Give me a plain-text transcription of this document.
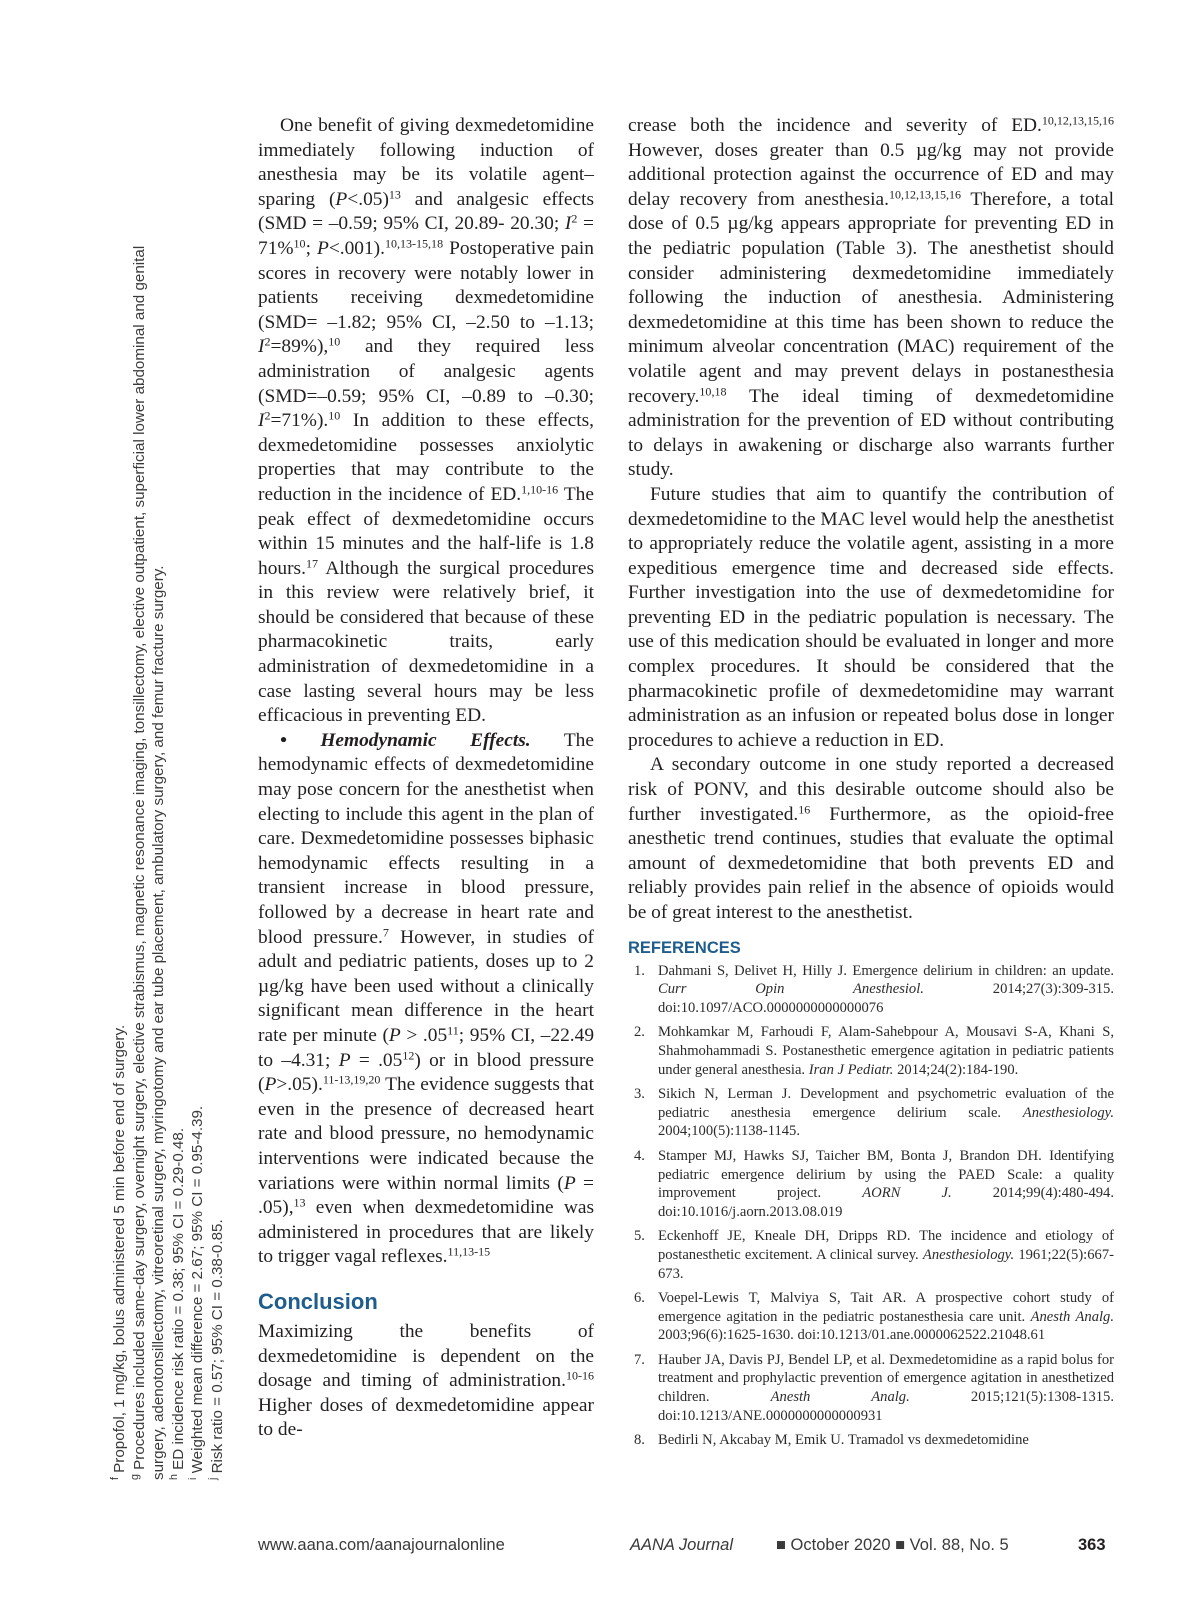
$^f$ Propofol, 1 mg/kg, bolus administered 5 min before end of surgery. $^g$ Procedures included same-day surgery, overnight surgery, elective strabismus, magnetic resonance imaging, tonsillectomy, elective outpatient, superficial lower abdominal and genital surgery, adenotonsillectomy, vitreoretinal surgery, myringotomy and ear tube placement, ambulatory surgery, and femur fracture surgery. $^h$ ED incidence risk ratio = 0.38; 95% CI = 0.29-0.48.
$^i$ Weighted mean difference = 2.67; 95% CI = 0.95-4.39.
$^j$ Risk ratio = 0.57; 95% CI = 0.38-0.85.

One benefit of giving dexmedetomidine immediately following induction of anesthesia may be its volatile agent–sparing (P<.05)$^{13}$ and analgesic effects (SMD = –0.59; 95% CI, 20.89- 20.30; $I^2 = 71\%^{10}$; P<.001).$^{10,13-15,18}$ Postoperative pain scores in recovery were notably lower in patients receiving dexmedetomidine (SMD= –1.82; 95% CI, –2.50 to –1.13; $I^2=89\%),^{10}$ and they required less administration of analgesic agents (SMD=–0.59; 95% CI, –0.89 to –0.30; $I^2=71\%).^{10}$ In addition to these effects, dexmedetomidine possesses anxiolytic properties that may contribute to the reduction in the incidence of ED.$^{1,10-16}$ The peak effect of dexmedetomidine occurs within 15 minutes and the half-life is 1.8 hours.$^{17}$ Although the surgical procedures in this review were relatively brief, it should be considered that because of these pharmacokinetic traits, early administration of dexmedetomidine in a case lasting several hours may be less efficacious in preventing ED.

• Hemodynamic Effects. The hemodynamic effects of dexmedetomidine may pose concern for the anesthetist when electing to include this agent in the plan of care. Dexmedetomidine possesses biphasic hemodynamic effects resulting in a transient increase in blood pressure, followed by a decrease in heart rate and blood pressure.$^7$ However, in studies of adult and pediatric patients, doses up to 2 µg/kg have been used without a clinically significant mean difference in the heart rate per minute ($P > .05^{11}$; 95% CI, –22.49 to –4.31; $P = .05^{12}$) or in blood pressure (P>.05).$^{11-13,19,20}$ The evidence suggests that even in the presence of decreased heart rate and blood pressure, no hemodynamic interventions were indicated because the variations were within normal limits (P = .05),$^{13}$ even when dexmedetomidine was administered in procedures that are likely to trigger vagal reflexes.$^{11,13-15}$

Conclusion

Maximizing the benefits of dexmedetomidine is dependent on the dosage and timing of administration.$^{10-16}$ Higher doses of dexmedetomidine appear to de-

crease both the incidence and severity of ED.$^{10,12,13,15,16}$ However, doses greater than 0.5 µg/kg may not provide additional protection against the occurrence of ED and may delay recovery from anesthesia.$^{10,12,13,15,16}$ Therefore, a total dose of 0.5 µg/kg appears appropriate for preventing ED in the pediatric population (Table 3). The anesthetist should consider administering dexmedetomidine immediately following the induction of anesthesia. Administering dexmedetomidine at this time has been shown to reduce the minimum alveolar concentration (MAC) requirement of the volatile agent and may prevent delays in postanesthesia recovery.$^{10,18}$ The ideal timing of dexmedetomidine administration for the prevention of ED without contributing to delays in awakening or discharge also warrants further study.

Future studies that aim to quantify the contribution of dexmedetomidine to the MAC level would help the anesthetist to appropriately reduce the volatile agent, assisting in a more expeditious emergence time and decreased side effects. Further investigation into the use of dexmedetomidine for preventing ED in the pediatric population is necessary. The use of this medication should be evaluated in longer and more complex procedures. It should be considered that the pharmacokinetic profile of dexmedetomidine may warrant administration as an infusion or repeated bolus dose in longer procedures to achieve a reduction in ED.

A secondary outcome in one study reported a decreased risk of PONV, and this desirable outcome should also be further investigated.$^{16}$ Furthermore, as the opioid-free anesthetic trend continues, studies that evaluate the optimal amount of dexmedetomidine that both prevents ED and reliably provides pain relief in the absence of opioids would be of great interest to the anesthetist.

REFERENCES
1. Dahmani S, Delivet H, Hilly J. Emergence delirium in children: an update. Curr Opin Anesthesiol. 2014;27(3):309-315. doi:10.1097/ACO.0000000000000076
2. Mohkamkar M, Farhoudi F, Alam-Sahebpour A, Mousavi S-A, Khani S, Shahmohammadi S. Postanesthetic emergence agitation in pediatric patients under general anesthesia. Iran J Pediatr. 2014;24(2):184-190.
3. Sikich N, Lerman J. Development and psychometric evaluation of the pediatric anesthesia emergence delirium scale. Anesthesiology. 2004;100(5):1138-1145.
4. Stamper MJ, Hawks SJ, Taicher BM, Bonta J, Brandon DH. Identifying pediatric emergence delirium by using the PAED Scale: a quality improvement project. AORN J. 2014;99(4):480-494. doi:10.1016/j.aorn.2013.08.019
5. Eckenhoff JE, Kneale DH, Dripps RD. The incidence and etiology of postanesthetic excitement. A clinical survey. Anesthesiology. 1961;22(5):667-673.
6. Voepel-Lewis T, Malviya S, Tait AR. A prospective cohort study of emergence agitation in the pediatric postanesthesia care unit. Anesth Analg. 2003;96(6):1625-1630. doi:10.1213/01.ane.0000062522.21048.61
7. Hauber JA, Davis PJ, Bendel LP, et al. Dexmedetomidine as a rapid bolus for treatment and prophylactic prevention of emergence agitation in anesthetized children. Anesth Analg. 2015;121(5):1308-1315. doi:10.1213/ANE.0000000000000931
8. Bedirli N, Akcabay M, Emik U. Tramadol vs dexmedetomidine
www.aana.com/aanajournalonline	AANA Journal	■ October 2020 ■ Vol. 88, No. 5	363
